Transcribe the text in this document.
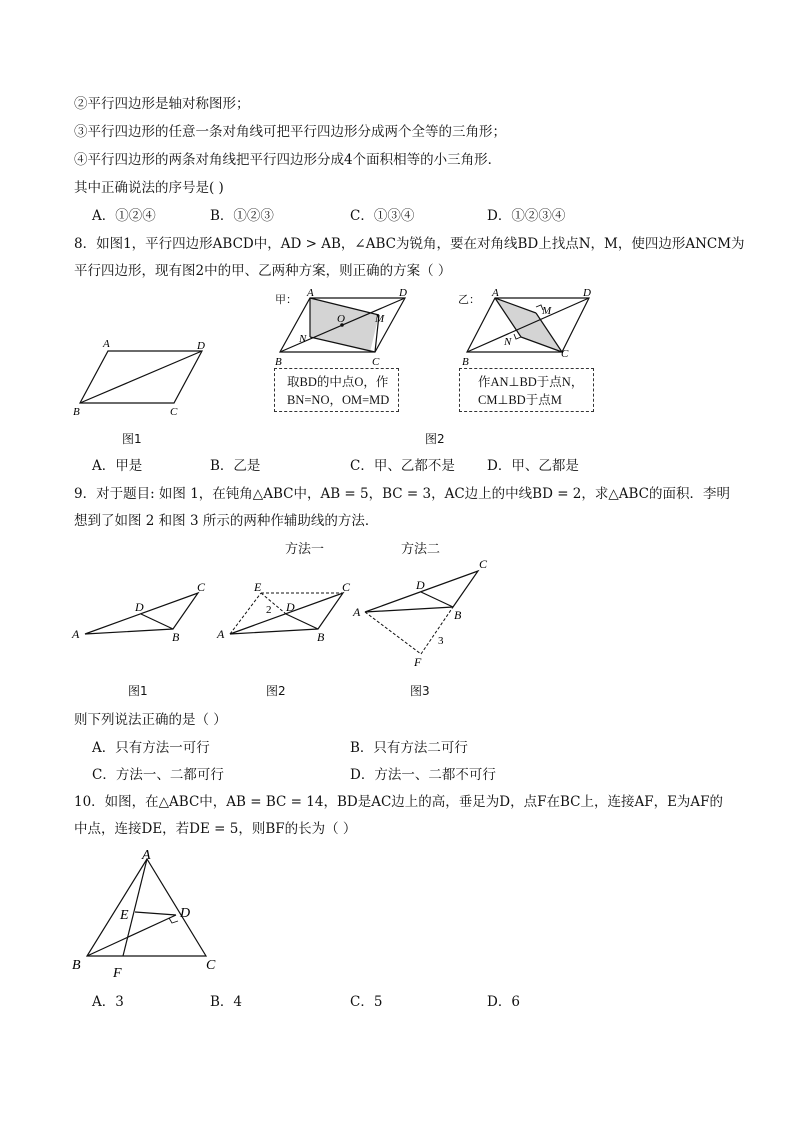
②平行四边形是轴对称图形；
③平行四边形的任意一条对角线可把平行四边形分成两个全等的三角形；
④平行四边形的两条对角线把平行四边形分成4个面积相等的小三角形．
其中正确说法的序号是( )
A．①②④	B．①②③	C．①③④	D．①②③④
8．如图1，平行四边形ABCD中，AD > AB，∠ABC为锐角，要在对角线BD上找点N，M，使四边形ANCM为
平行四边形，现有图2中的甲、乙两种方案，则正确的方案（ ）
A	D
B	C
图1
甲： A	D
B	C
N
M
O
取BD的中点O，作
BN=NO，OM=MD
乙： A	D
B
C
N
M
作AN⊥BD于点N，
CM⊥BD于点M
图2
A．甲是	B．乙是	C．甲、乙都不是 D．甲、乙都是
9．对于题目: 如图 1，在钝角△ABC中，AB = 5，BC = 3，AC边上的中线BD = 2，求△ABC的面积．李明
想到了如图 2 和图 3 所示的两种作辅助线的方法．
方法一	方法二
A
C
D
B
图1
A
C
E
D
B
2
图2
A
C
D
B
F
3
图3
则下列说法正确的是（ ）
A．只有方法一可行	B．只有方法二可行
C．方法一、二都可行	D．方法一、二都不可行
10．如图，在△ABC中，AB = BC = 14，BD是AC边上的高，垂足为D，点F在BC上，连接AF，E为AF的
中点，连接DE，若DE = 5，则BF的长为（ ）
A
B	C
D
E
F
A．3	B．4	C．5	D．6
